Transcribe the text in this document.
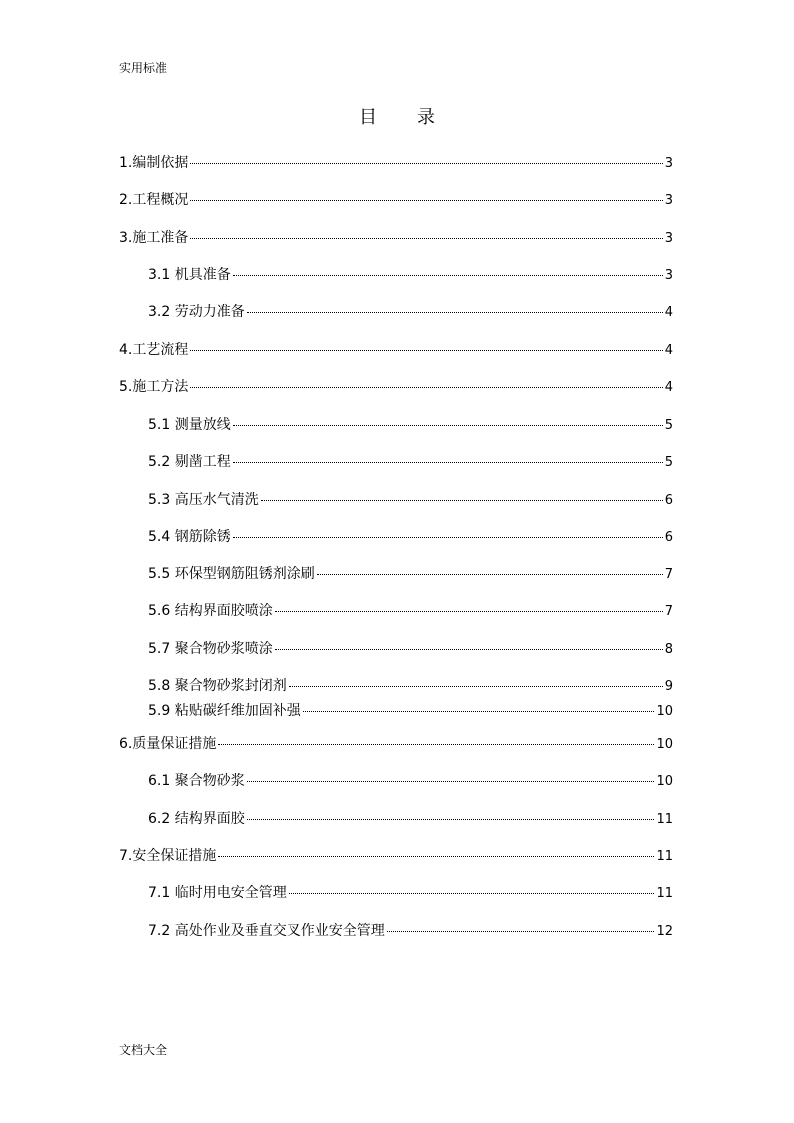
实用标准
目 录
1.编制依据	3
2.工程概况	3
3.施工准备	3
3.1 机具准备	3
3.2 劳动力准备	4
4.工艺流程	4
5.施工方法	4
5.1 测量放线	5
5.2 剔凿工程	5
5.3 高压水气清洗	6
5.4 钢筋除锈	6
5.5 环保型钢筋阻锈剂涂刷	7
5.6 结构界面胶喷涂	7
5.7 聚合物砂浆喷涂	8
5.8 聚合物砂浆封闭剂	9
5.9 粘贴碳纤维加固补强	10
6.质量保证措施	10
6.1 聚合物砂浆	10
6.2 结构界面胶	11
7.安全保证措施	11
7.1 临时用电安全管理	11
7.2 高处作业及垂直交叉作业安全管理	12
文档大全
